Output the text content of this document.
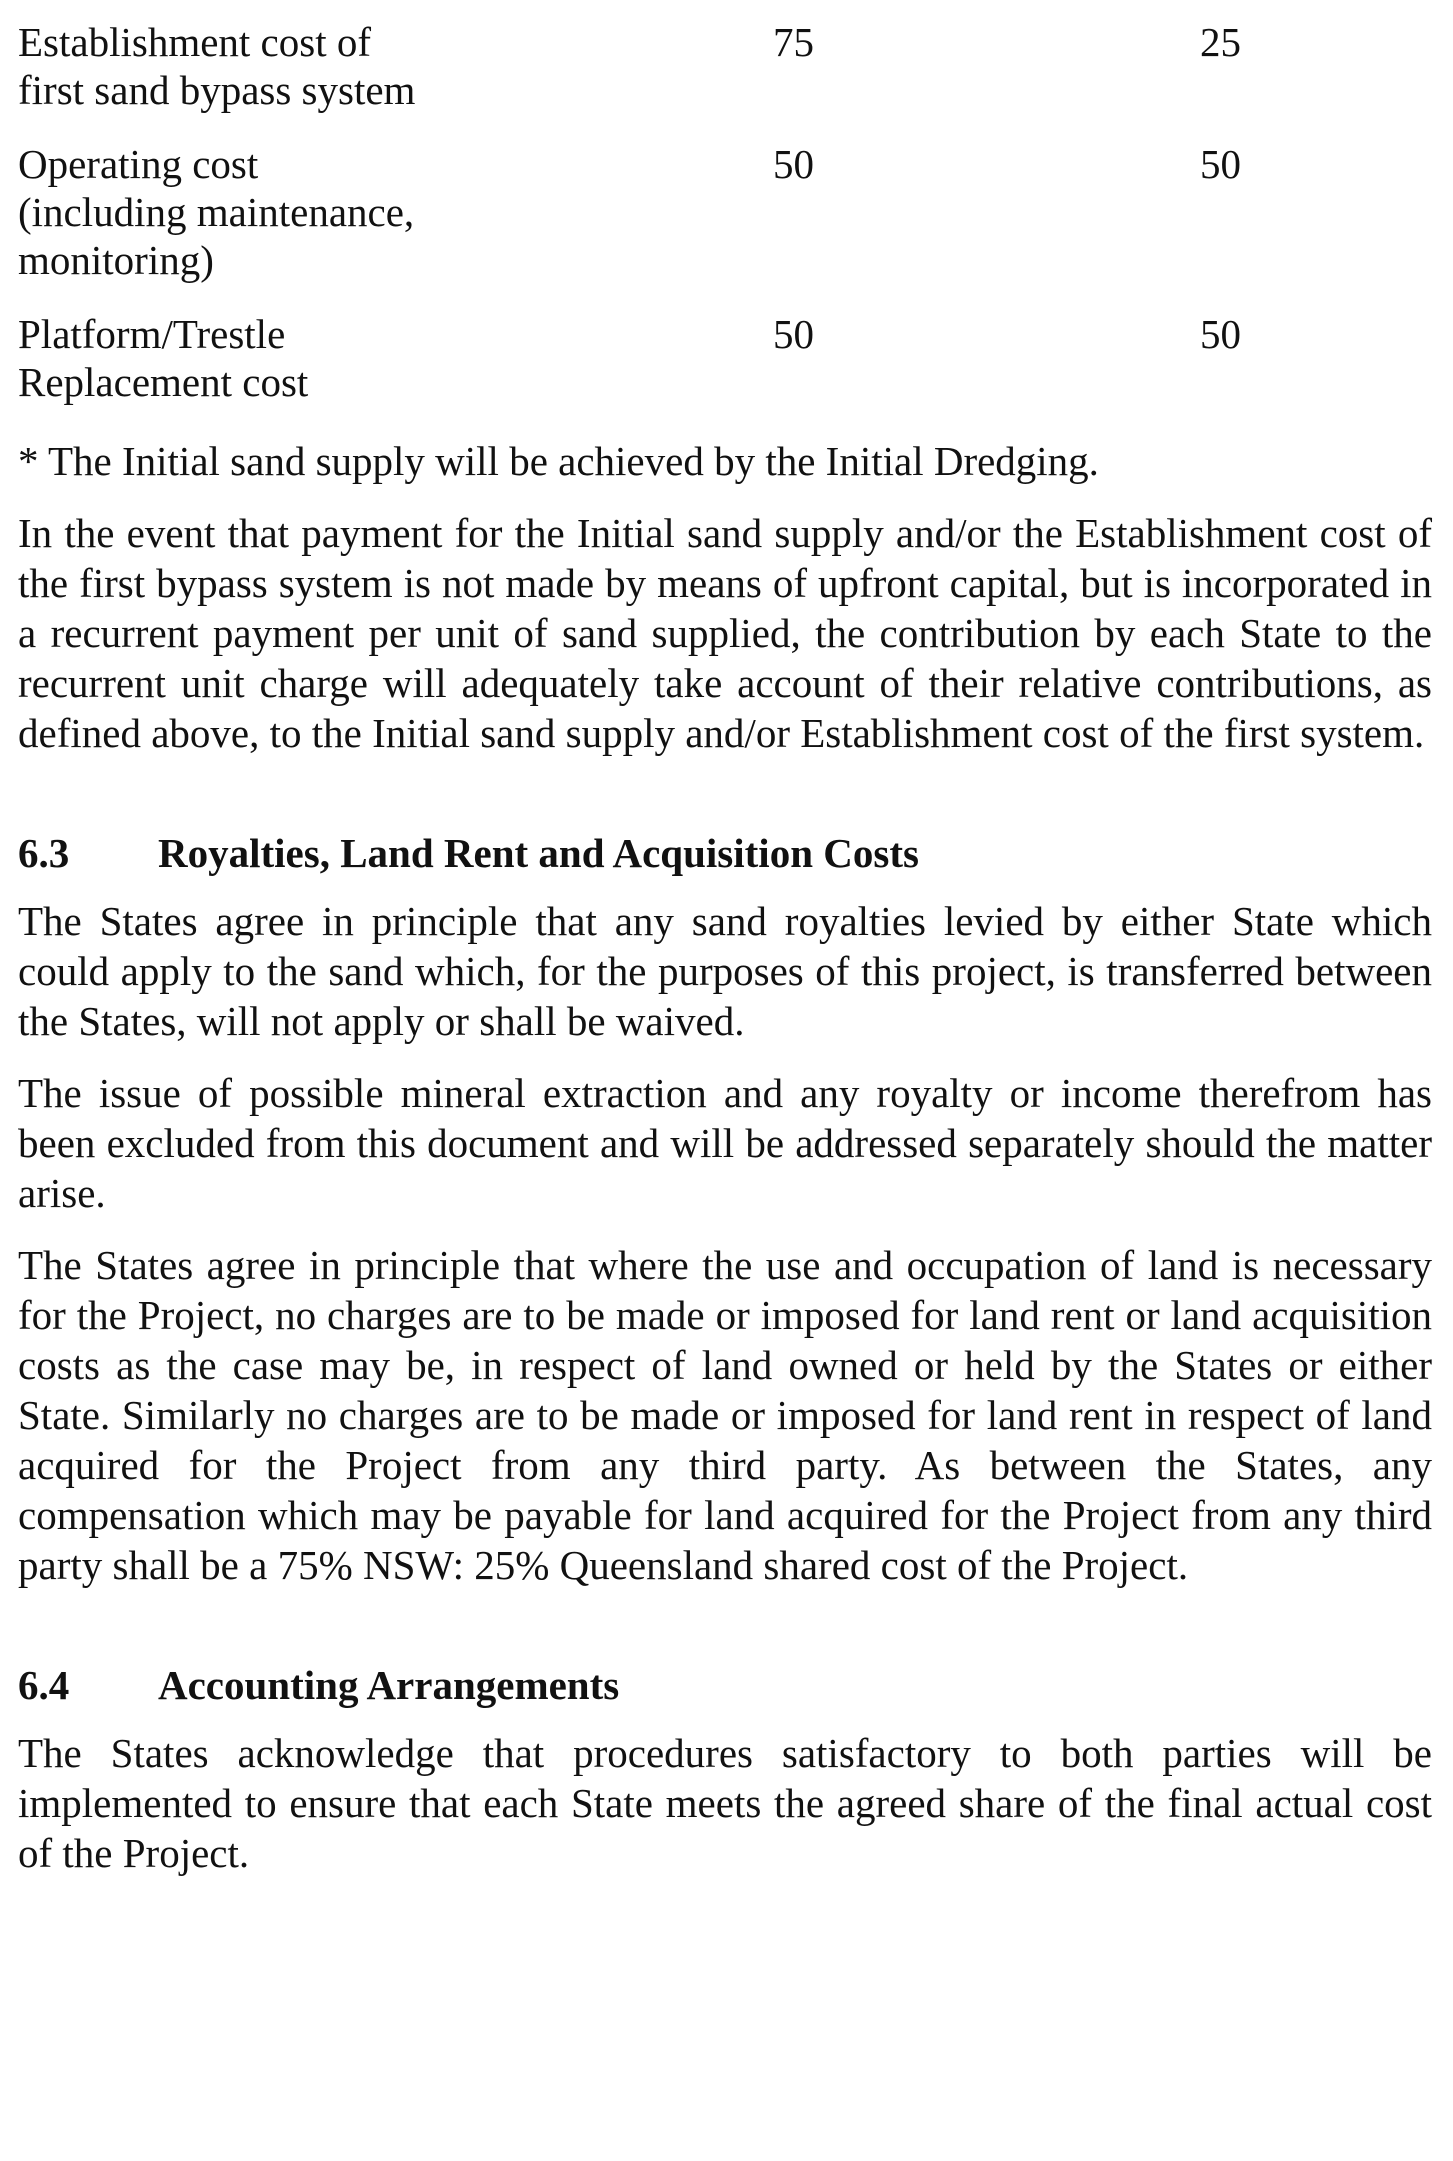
Establishment cost of
first sand bypass system	75	25

Operating cost
(including maintenance,
monitoring)	50	50

Platform/Trestle
Replacement cost	50	50

* The Initial sand supply will be achieved by the Initial Dredging.

In the event that payment for the Initial sand supply and/or the Establishment cost of the first bypass system is not made by means of upfront capital, but is incorporated in a recurrent payment per unit of sand supplied, the contribution by each State to the recurrent unit charge will adequately take account of their relative contributions, as defined above, to the Initial sand supply and/or Establishment cost of the first system.

6.3	Royalties, Land Rent and Acquisition Costs

The States agree in principle that any sand royalties levied by either State which could apply to the sand which, for the purposes of this project, is transferred between the States, will not apply or shall be waived.

The issue of possible mineral extraction and any royalty or income therefrom has been excluded from this document and will be addressed separately should the matter arise.

The States agree in principle that where the use and occupation of land is necessary for the Project, no charges are to be made or imposed for land rent or land acquisition costs as the case may be, in respect of land owned or held by the States or either State. Similarly no charges are to be made or imposed for land rent in respect of land acquired for the Project from any third party. As between the States, any compensation which may be payable for land acquired for the Project from any third party shall be a 75% NSW: 25% Queensland shared cost of the Project.

6.4	Accounting Arrangements

The States acknowledge that procedures satisfactory to both parties will be implemented to ensure that each State meets the agreed share of the final actual cost of the Project.
